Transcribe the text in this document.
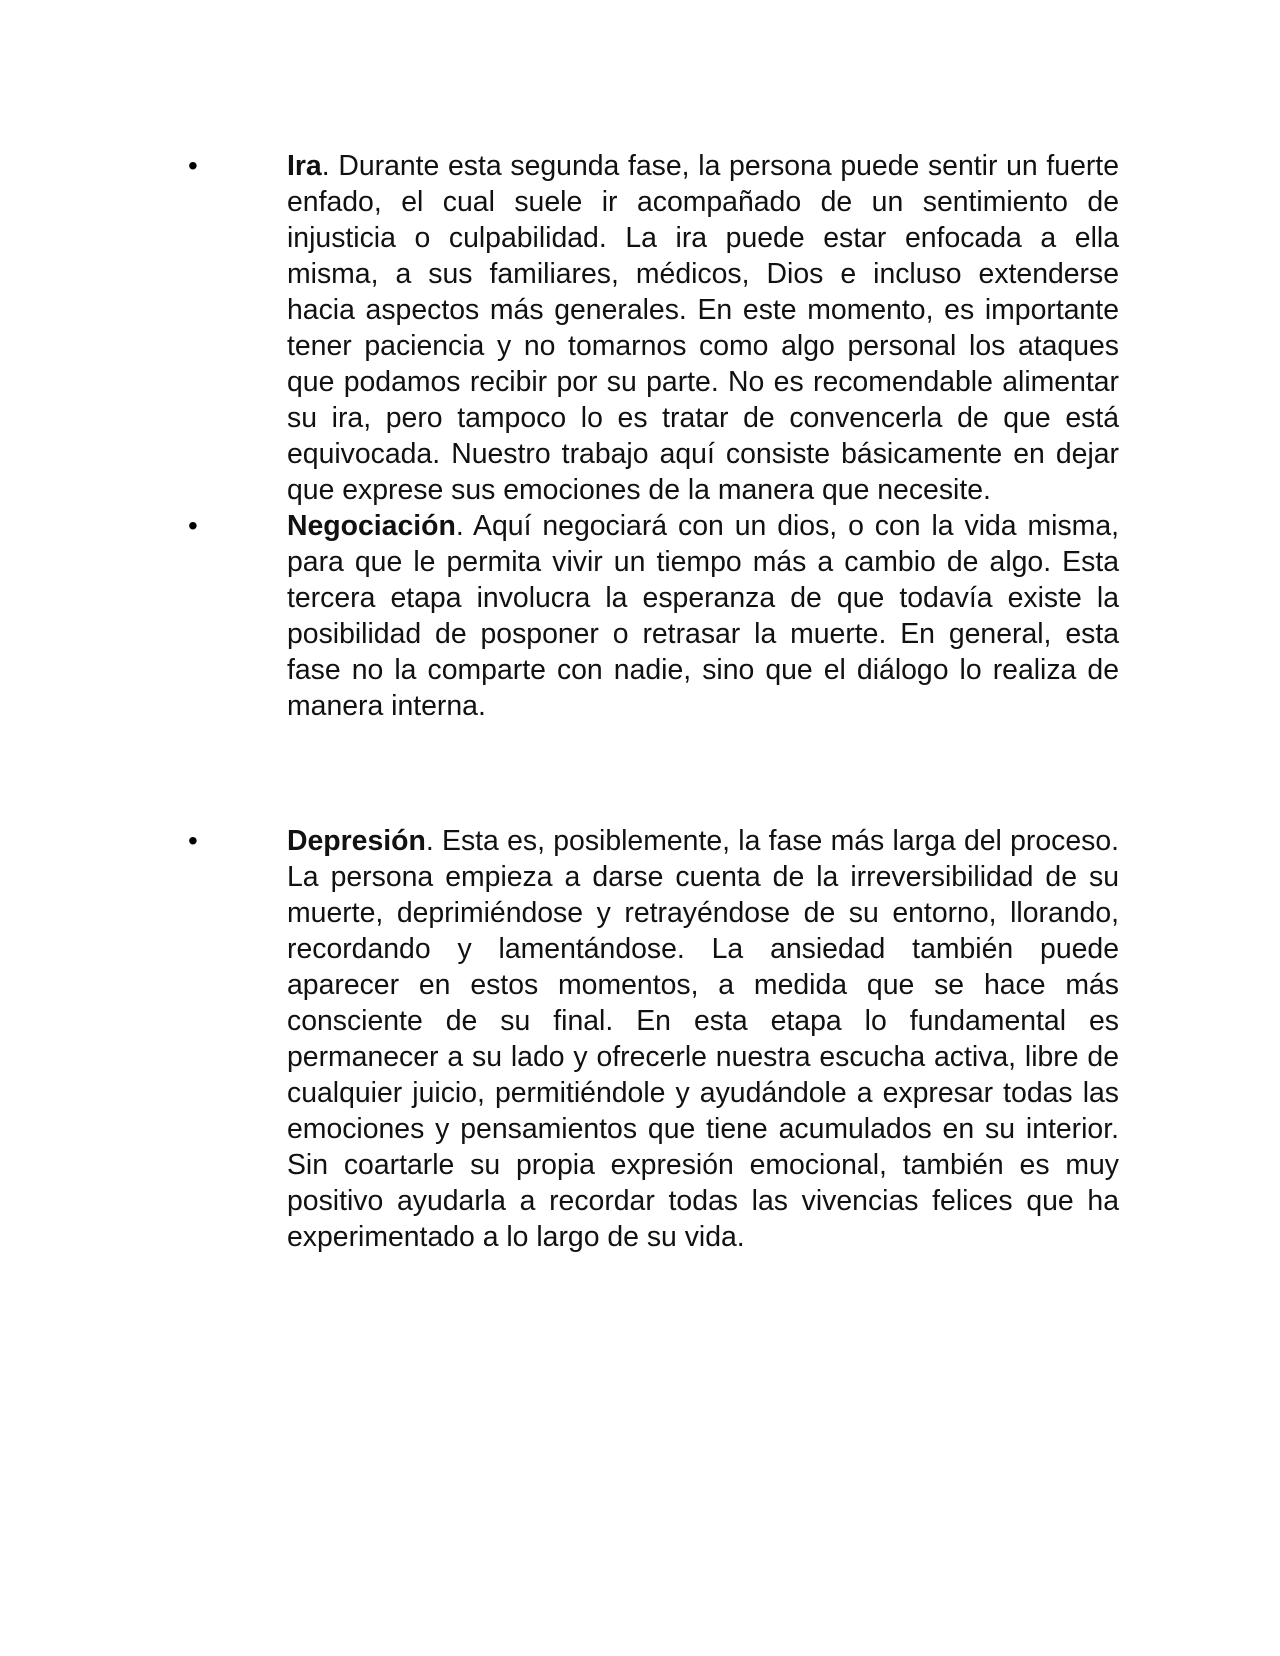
•	Ira. Durante esta segunda fase, la persona puede sentir un fuerte enfado, el cual suele ir acompañado de un sentimiento de injusticia o culpabilidad. La ira puede estar enfocada a ella misma, a sus familiares, médicos, Dios e incluso extenderse hacia aspectos más generales. En este momento, es importante tener paciencia y no tomarnos como algo personal los ataques que podamos recibir por su parte. No es recomendable alimentar su ira, pero tampoco lo es tratar de convencerla de que está equivocada. Nuestro trabajo aquí consiste básicamente en dejar que exprese sus emociones de la manera que necesite.
•	Negociación. Aquí negociará con un dios, o con la vida misma, para que le permita vivir un tiempo más a cambio de algo. Esta tercera etapa involucra la esperanza de que todavía existe la posibilidad de posponer o retrasar la muerte. En general, esta fase no la comparte con nadie, sino que el diálogo lo realiza de manera interna.
•	Depresión. Esta es, posiblemente, la fase más larga del proceso. La persona empieza a darse cuenta de la irreversibilidad de su muerte, deprimiéndose y retrayéndose de su entorno, llorando, recordando y lamentándose. La ansiedad también puede aparecer en estos momentos, a medida que se hace más consciente de su final. En esta etapa lo fundamental es permanecer a su lado y ofrecerle nuestra escucha activa, libre de cualquier juicio, permitiéndole y ayudándole a expresar todas las emociones y pensamientos que tiene acumulados en su interior. Sin coartarle su propia expresión emocional, también es muy positivo ayudarla a recordar todas las vivencias felices que ha experimentado a lo largo de su vida.
